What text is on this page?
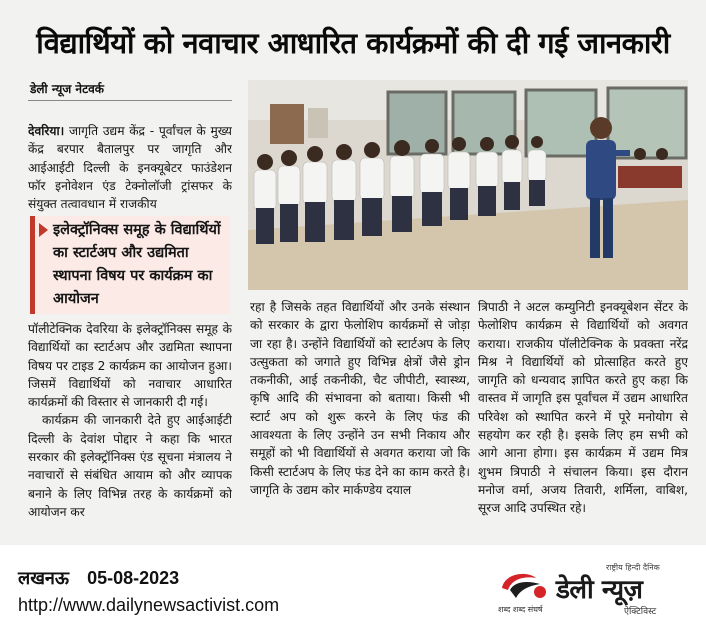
विद्यार्थियों को नवाचार आधारित कार्यक्रमों की दी गई जानकारी
डेली न्यूज नेटवर्क

देवरिया। जागृति उद्यम केंद्र - पूर्वांचल के मुख्य केंद्र बरपार बैतालपुर पर जागृति और आईआईटी दिल्ली के इनक्यूबेटर फाउंडेशन फॉर इनोवेशन एंड टेक्नोलॉजी ट्रांसफर के संयुक्त तत्वावधान में राजकीय

इलेक्ट्रॉनिक्स समूह के विद्यार्थियों का स्टार्टअप और उद्यमिता स्थापना विषय पर कार्यक्रम का आयोजन

पॉलीटेक्निक देवरिया के इलेक्ट्रॉनिक्स समूह के विद्यार्थियों का स्टार्टअप और उद्यमिता स्थापना विषय पर टाइड 2 कार्यक्रम का आयोजन हुआ। जिसमें विद्यार्थियों को नवाचार आधारित कार्यक्रमों की विस्तार से जानकारी दी गई।

कार्यक्रम की जानकारी देते हुए आईआईटी दिल्ली के देवांश पोद्दार ने कहा कि भारत सरकार की इलेक्ट्रॉनिक्स एंड सूचना मंत्रालय ने नवाचारों से संबंधित आयाम को और व्यापक बनाने के लिए विभिन्न तरह के कार्यक्रमों को आयोजन कर

रहा है जिसके तहत विद्यार्थियों और उनके संस्थान को सरकार के द्वारा फेलोशिप कार्यक्रमों से जोड़ा जा रहा है। उन्होंने विद्यार्थियों को स्टार्टअप के लिए उत्सुकता को जगाते हुए विभिन्न क्षेत्रों जैसे ड्रोन तकनीकी, आई तकनीकी, चैट जीपीटी, स्वास्थ्य, कृषि आदि की संभावना को बताया। किसी भी स्टार्ट अप को शुरू करने के लिए फंड की आवश्यता के लिए उन्होंने उन सभी निकाय और समूहों को भी विद्यार्थियों से अवगत कराया जो कि किसी स्टार्टअप के लिए फंड देने का काम करते है। जागृति के उद्यम कोर मार्कण्डेय दयाल

त्रिपाठी ने अटल कम्युनिटी इनक्यूबेशन सेंटर के फेलोशिप कार्यक्रम से विद्यार्थियों को अवगत कराया। राजकीय पॉलीटेक्निक के प्रवक्ता नरेंद्र मिश्र ने विद्यार्थियों को प्रोत्साहित करते हुए जागृति को धन्यवाद ज्ञापित करते हुए कहा कि वास्तव में जागृति इस पूर्वांचल में उद्यम आधारित परिवेश को स्थापित करने में पूरे मनोयोग से सहयोग कर रही है। इसके लिए हम सभी को आगे आना होगा। इस कार्यक्रम में उद्यम मित्र शुभम त्रिपाठी ने संचालन किया। इस दौरान मनोज वर्मा, अजय तिवारी, शर्मिला, वाबिश, सूरज आदि उपस्थित रहे।

लखनऊ 05-08-2023
http://www.dailynewsactivist.com
राष्ट्रीय हिन्दी दैनिक
डेली न्यूज़
शब्द शब्द संघर्ष	ऐक्टिविस्ट
